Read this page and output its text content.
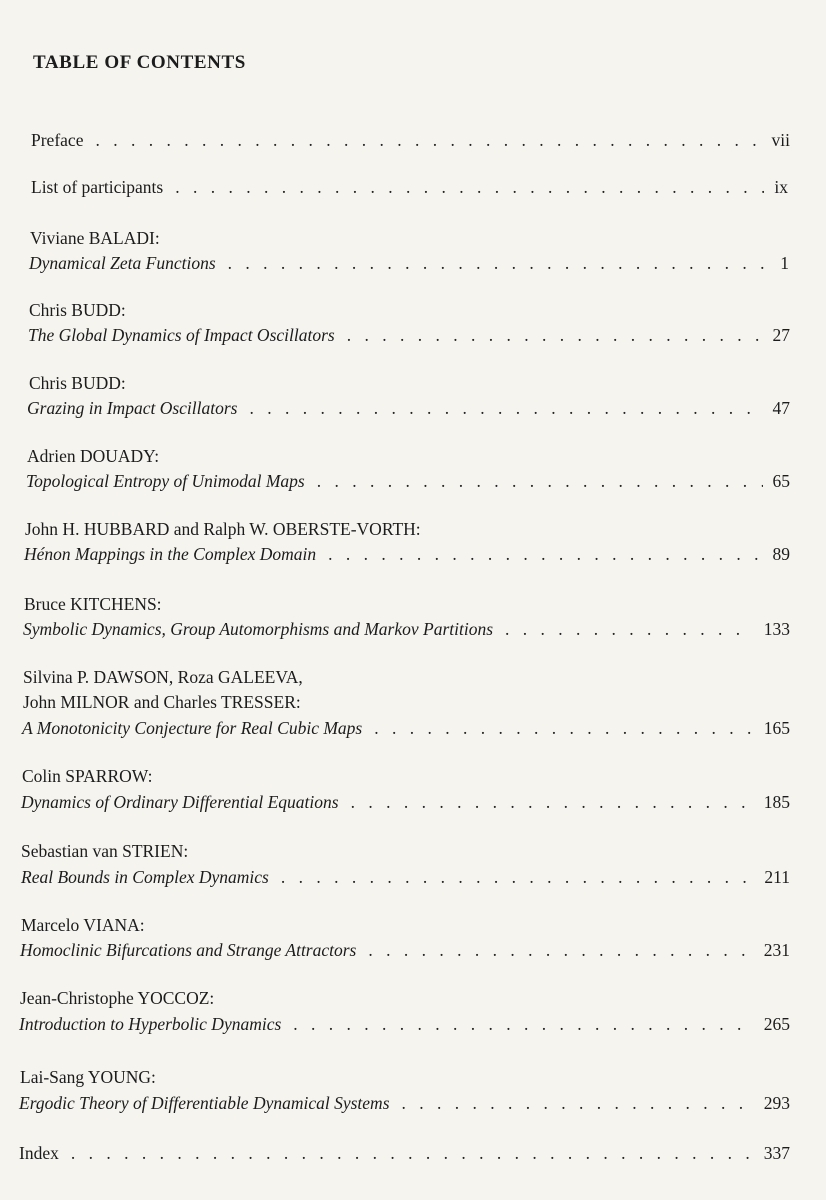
TABLE OF CONTENTS
Preface . . .	vii
List of participants . . .	ix
Viviane BALADI:
Dynamical Zeta Functions . . .	1
Chris BUDD:
The Global Dynamics of Impact Oscillators . . .	27
Chris BUDD:
Grazing in Impact Oscillators . . .	47
Adrien DOUADY:
Topological Entropy of Unimodal Maps . . .	65
John H. HUBBARD and Ralph W. OBERSTE-VORTH:
Hénon Mappings in the Complex Domain . . .	89
Bruce KITCHENS:
Symbolic Dynamics, Group Automorphisms and Markov Partitions . . .	133
Silvina P. DAWSON, Roza GALEEVA,
John MILNOR and Charles TRESSER:
A Monotonicity Conjecture for Real Cubic Maps . . .	165
Colin SPARROW:
Dynamics of Ordinary Differential Equations . . .	185
Sebastian van STRIEN:
Real Bounds in Complex Dynamics . . .	211
Marcelo VIANA:
Homoclinic Bifurcations and Strange Attractors . . .	231
Jean-Christophe YOCCOZ:
Introduction to Hyperbolic Dynamics . . .	265
Lai-Sang YOUNG:
Ergodic Theory of Differentiable Dynamical Systems . . .	293
Index . . .	337
